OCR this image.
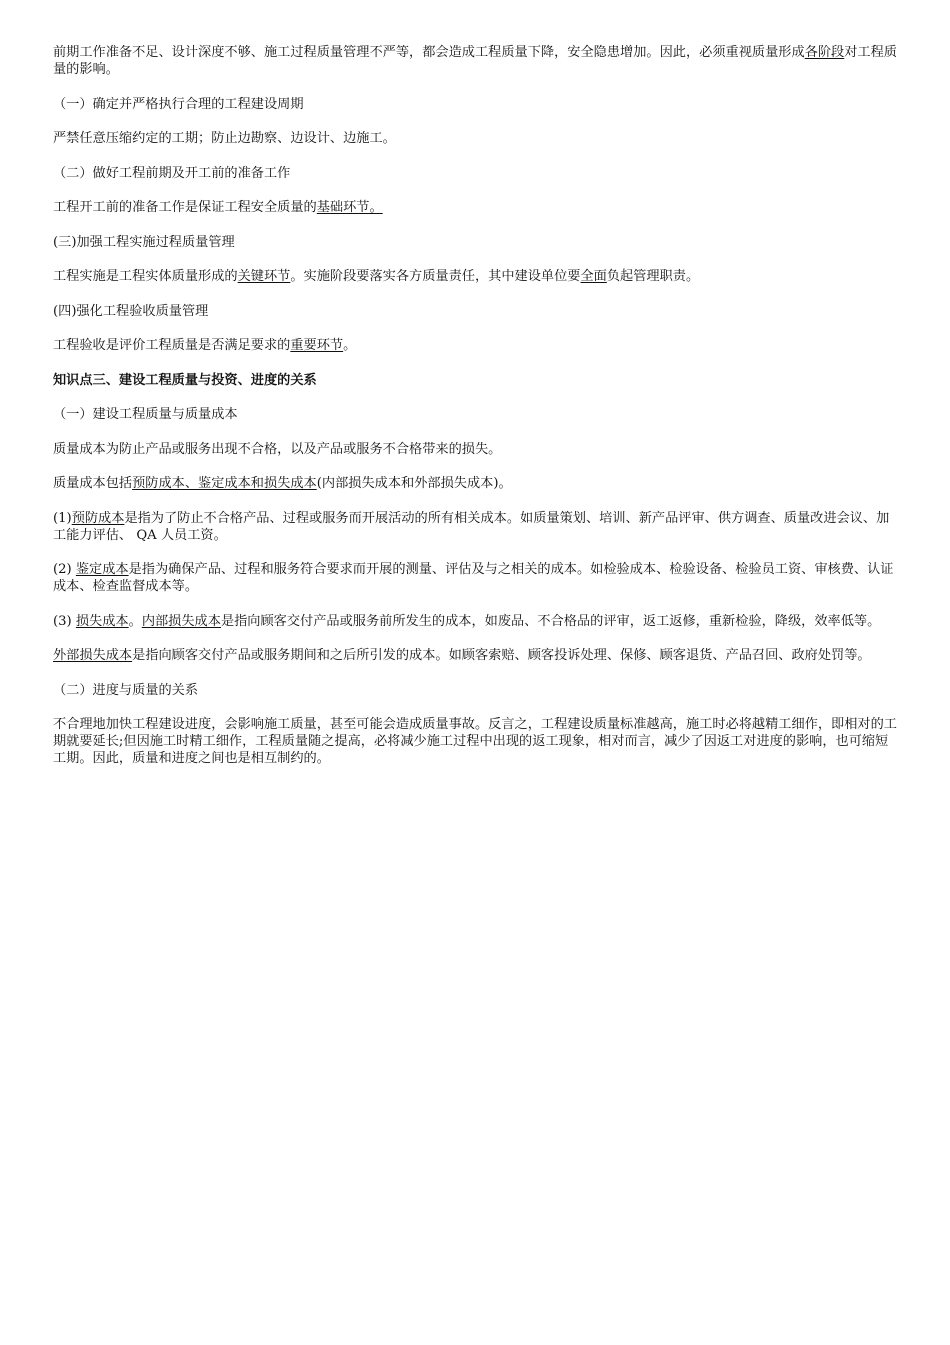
前期工作准备不足、设计深度不够、施工过程质量管理不严等，都会造成工程质量下降，安全隐患增加。因此，必须重视质量形成各阶段对工程质量的影响。

（一）确定并严格执行合理的工程建设周期

严禁任意压缩约定的工期；防止边勘察、边设计、边施工。

（二）做好工程前期及开工前的准备工作

工程开工前的准备工作是保证工程安全质量的基础环节。

(三)加强工程实施过程质量管理

工程实施是工程实体质量形成的关键环节。实施阶段要落实各方质量责任，其中建设单位要全面负起管理职责。

(四)强化工程验收质量管理

工程验收是评价工程质量是否满足要求的重要环节。

知识点三、建设工程质量与投资、进度的关系

（一）建设工程质量与质量成本

质量成本为防止产品或服务出现不合格，以及产品或服务不合格带来的损失。

质量成本包括预防成本、鉴定成本和损失成本(内部损失成本和外部损失成本)。

(1)预防成本是指为了防止不合格产品、过程或服务而开展活动的所有相关成本。如质量策划、培训、新产品评审、供方调查、质量改进会议、加工能力评估、 QA 人员工资。

(2) 鉴定成本是指为确保产品、过程和服务符合要求而开展的测量、评估及与之相关的成本。如检验成本、检验设备、检验员工资、审核费、认证成本、检查监督成本等。

(3) 损失成本。内部损失成本是指向顾客交付产品或服务前所发生的成本，如废品、不合格品的评审，返工返修，重新检验，降级，效率低等。

外部损失成本是指向顾客交付产品或服务期间和之后所引发的成本。如顾客索赔、顾客投诉处理、保修、顾客退货、产品召回、政府处罚等。

（二）进度与质量的关系

不合理地加快工程建设进度，会影响施工质量，甚至可能会造成质量事故。反言之，工程建设质量标准越高，施工时必将越精工细作，即相对的工期就要延长;但因施工时精工细作，工程质量随之提高，必将减少施工过程中出现的返工现象，相对而言，减少了因返工对进度的影响，也可缩短工期。因此，质量和进度之间也是相互制约的。
